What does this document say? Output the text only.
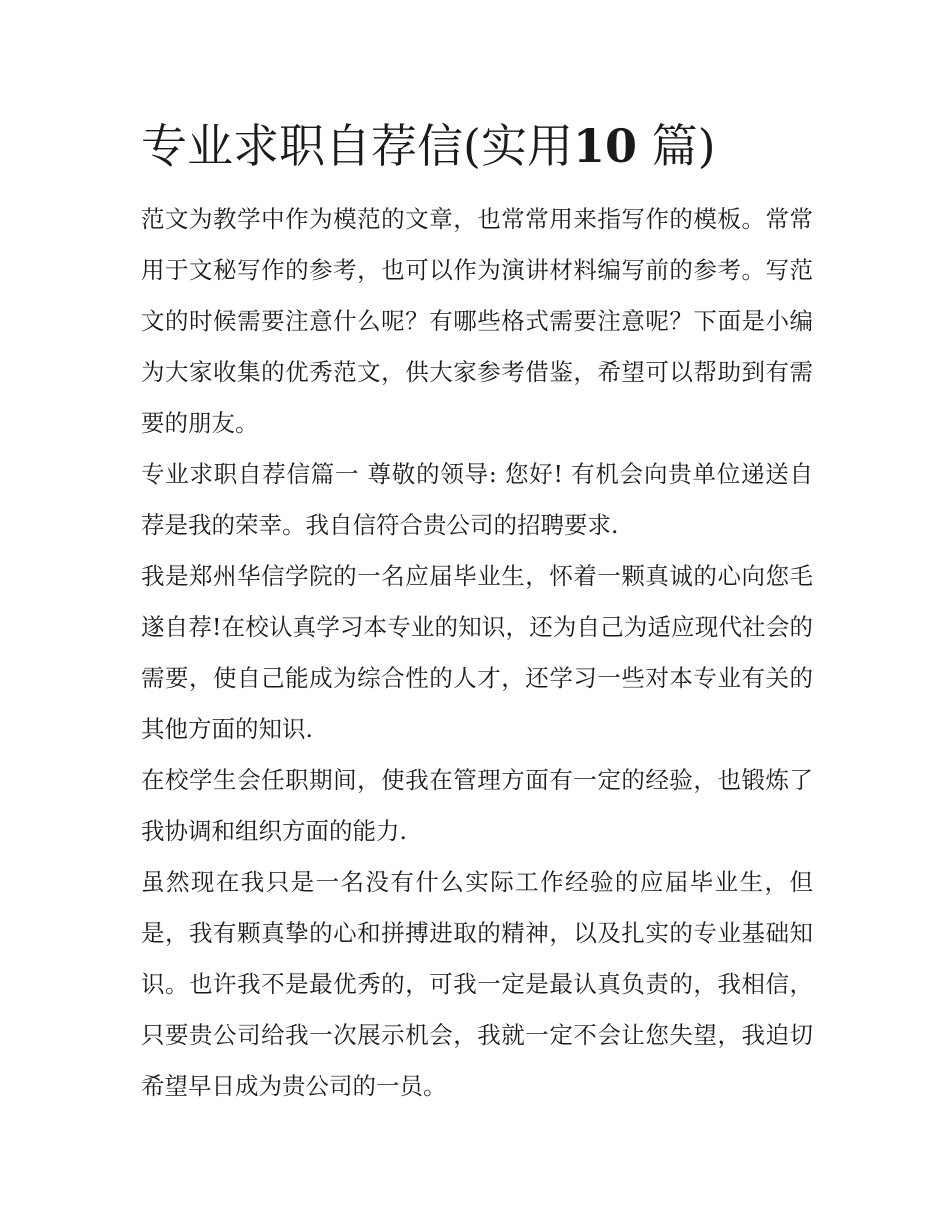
专业求职自荐信(实用10 篇)

范文为教学中作为模范的文章，也常常用来指写作的模板。常常用于文秘写作的参考，也可以作为演讲材料编写前的参考。写范文的时候需要注意什么呢？有哪些格式需要注意呢？下面是小编为大家收集的优秀范文，供大家参考借鉴，希望可以帮助到有需要的朋友。

专业求职自荐信篇一 尊敬的领导: 您好! 有机会向贵单位递送自荐是我的荣幸。我自信符合贵公司的招聘要求.

我是郑州华信学院的一名应届毕业生，怀着一颗真诚的心向您毛遂自荐!在校认真学习本专业的知识，还为自己为适应现代社会的需要，使自己能成为综合性的人才，还学习一些对本专业有关的其他方面的知识.

在校学生会任职期间，使我在管理方面有一定的经验，也锻炼了 我协调和组织方面的能力.

虽然现在我只是一名没有什么实际工作经验的应届毕业生，但是，我有颗真挚的心和拼搏进取的精神，以及扎实的专业基础知识。也许我不是最优秀的，可我一定是最认真负责的，我相信，只要贵公司给我一次展示机会，我就一定不会让您失望，我迫切希望早日成为贵公司的一员。
